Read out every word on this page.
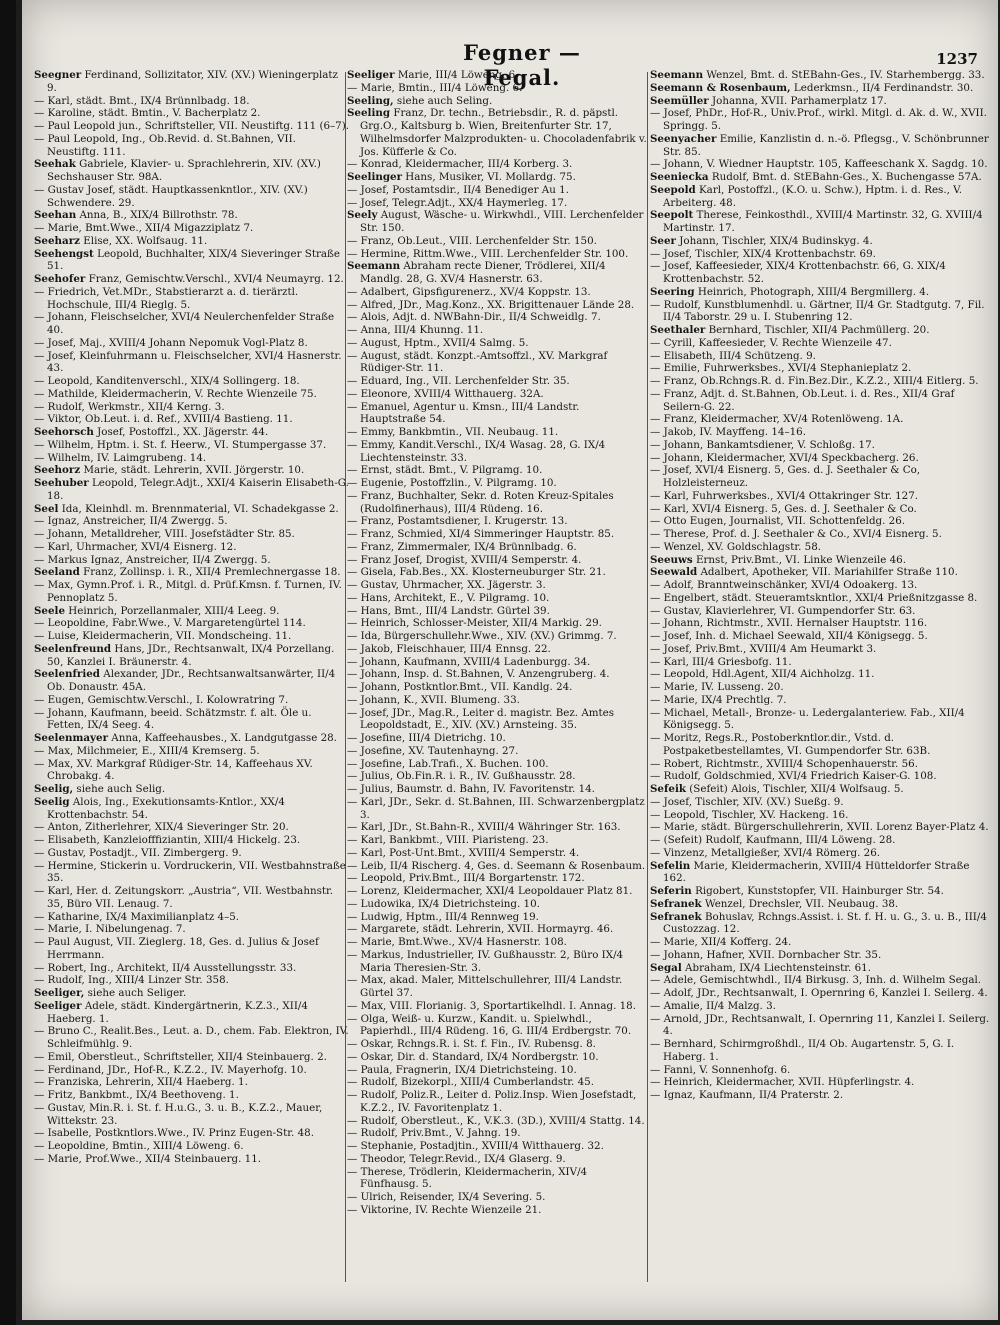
Fegner — Fegal.
1237

Seegner Ferdinand, Sollizitator, XIV. (XV.) Wieningerplatz 9.

— Karl, städt. Bmt., IX/4 Brünnlbadg. 18.

— Karoline, städt. Bmtin., V. Bacherplatz 2.

— Paul Leopold jun., Schriftsteller, VII. Neustiftg. 111 (6–7).

— Paul Leopold, Ing., Ob.Revid. d. St.Bahnen, VII. Neustiftg. 111.

Seehak Gabriele, Klavier- u. Sprachlehrerin, XIV. (XV.) Sechshauser Str. 98A.

— Gustav Josef, städt. Hauptkassenkntlor., XIV. (XV.) Schwendere. 29.

Seehan Anna, B., XIX/4 Billrothstr. 78.

— Marie, Bmt.Wwe., XII/4 Migazziplatz 7.

Seeharz Elise, XX. Wolfsaug. 11.

Seehengst Leopold, Buchhalter, XIX/4 Sieveringer Straße 51.

Seehofer Franz, Gemischtw.Verschl., XVI/4 Neumayrg. 12.

— Friedrich, Vet.MDr., Stabstierarzt a. d. tierärztl. Hochschule, III/4 Rieglg. 5.

— Johann, Fleischselcher, XVI/4 Neulerchenfelder Straße 40.

— Josef, Maj., XVIII/4 Johann Nepomuk Vogl-Platz 8.

— Josef, Kleinfuhrmann u. Fleischselcher, XVI/4 Hasnerstr. 43.

— Leopold, Kanditenverschl., XIX/4 Sollingerg. 18.

— Mathilde, Kleidermacherin, V. Rechte Wienzeile 75.

— Rudolf, Werkmstr., XII/4 Kerng. 3.

— Viktor, Ob.Leut. i. d. Ref., XVIII/4 Bastieng. 11.

Seehorsch Josef, Postoffzl., XX. Jägerstr. 44.

— Wilhelm, Hptm. i. St. f. Heerw., VI. Stumpergasse 37.

— Wilhelm, IV. Laimgrubeng. 14.

Seehorz Marie, städt. Lehrerin, XVII. Jörgerstr. 10.

Seehuber Leopold, Telegr.Adjt., XXI/4 Kaiserin Elisabeth-G. 18.

Seel Ida, Kleinhdl. m. Brennmaterial, VI. Schadekgasse 2.

— Ignaz, Anstreicher, II/4 Zwergg. 5.

— Johann, Metalldreher, VIII. Josefstädter Str. 85.

— Karl, Uhrmacher, XVI/4 Eisnerg. 12.

— Markus Ignaz, Anstreicher, II/4 Zwergg. 5.

Seeland Franz, Zollinsp. i. R., XII/4 Premlechnergasse 18.

— Max, Gymn.Prof. i. R., Mitgl. d. Prüf.Kmsn. f. Turnen, IV. Pennoplatz 5.

Seele Heinrich, Porzellanmaler, XIII/4 Leeg. 9.

— Leopoldine, Fabr.Wwe., V. Margaretengürtel 114.

— Luise, Kleidermacherin, VII. Mondscheing. 11.

Seelenfreund Hans, JDr., Rechtsanwalt, IX/4 Porzellang. 50, Kanzlei I. Bräunerstr. 4.

Seelenfried Alexander, JDr., Rechtsanwaltsanwärter, II/4 Ob. Donaustr. 45A.

— Eugen, Gemischtw.Verschl., I. Kolowratring 7.

— Johann, Kaufmann, beeid. Schätzmstr. f. alt. Öle u. Fetten, IX/4 Seeg. 4.

Seelenmayer Anna, Kaffeehausbes., X. Landgutgasse 28.

— Max, Milchmeier, E., XIII/4 Kremserg. 5.

— Max, XV. Markgraf Rüdiger-Str. 14, Kaffeehaus XV. Chrobakg. 4.

Seelig, siehe auch Selig.

Seelig Alois, Ing., Exekutionsamts-Kntlor., XX/4 Krottenbachstr. 54.

— Anton, Zitherlehrer, XIX/4 Sieveringer Str. 20.

— Elisabeth, Kanzleiofffiziantin, XIII/4 Hickelg. 23.

— Gustav, Postadjt., VII. Zimbergerg. 9.

— Hermine, Stickerin u. Vordruckerin, VII. Westbahnstraße 35.

— Karl, Her. d. Zeitungskorr. „Austria“, VII. Westbahnstr. 35, Büro VII. Lenaug. 7.

— Katharine, IX/4 Maximilianplatz 4–5.

— Marie, I. Nibelungenag. 7.

— Paul August, VII. Zieglerg. 18, Ges. d. Julius & Josef Herrmann.

— Robert, Ing., Architekt, II/4 Ausstellungsstr. 33.

— Rudolf, Ing., XIII/4 Linzer Str. 358.

Seeliger, siehe auch Seliger.

Seeliger Adele, städt. Kindergärtnerin, K.Z.3., XII/4 Haeberg. 1.

— Bruno C., Realit.Bes., Leut. a. D., chem. Fab. Elektron, IV. Schleifmühlg. 9.

— Emil, Oberstleut., Schriftsteller, XII/4 Steinbauerg. 2.

— Ferdinand, JDr., Hof-R., K.Z.2., IV. Mayerhofg. 10.

— Franziska, Lehrerin, XII/4 Haeberg. 1.

— Fritz, Bankbmt., IX/4 Beethoveng. 1.

— Gustav, Min.R. i. St. f. H.u.G., 3. u. B., K.Z.2., Mauer, Wittekstr. 23.

— Isabelle, Postkntlors.Wwe., IV. Prinz Eugen-Str. 48.

— Leopoldine, Bmtin., XIII/4 Löweng. 6.

— Marie, Prof.Wwe., XII/4 Steinbauerg. 11.

Seeliger Marie, III/4 Löweng. 6.

— Marie, Bmtin., III/4 Löweng. 6.

Seeling, siehe auch Seling.

Seeling Franz, Dr. techn., Betriebsdir., R. d. päpstl. Grg.O., Kaltsburg b. Wien, Breitenfurter Str. 17, Wilhelmsdorfer Malzprodukten- u. Chocoladenfabrik v. Jos. Küfferle & Co.

— Konrad, Kleidermacher, III/4 Korberg. 3.

Seelinger Hans, Musiker, VI. Mollardg. 75.

— Josef, Postamtsdir., II/4 Benediger Au 1.

— Josef, Telegr.Adjt., XX/4 Haymerleg. 17.

Seely August, Wäsche- u. Wirkwhdl., VIII. Lerchenfelder Str. 150.

— Franz, Ob.Leut., VIII. Lerchenfelder Str. 150.

— Hermine, Rittm.Wwe., VIII. Lerchenfelder Str. 100.

Seemann Abraham recte Diener, Trödlerei, XII/4 Mandlg. 28, G. XV/4 Hasnerstr. 63.

— Adalbert, Gipsfigurenerz., XV/4 Koppstr. 13.

— Alfred, JDr., Mag.Konz., XX. Brigittenauer Lände 28.

— Alois, Adjt. d. NWBahn-Dir., II/4 Schweidlg. 7.

— Anna, III/4 Khunng. 11.

— August, Hptm., XVII/4 Salmg. 5.

— August, städt. Konzpt.-Amtsoffzl., XV. Markgraf Rüdiger-Str. 11.

— Eduard, Ing., VII. Lerchenfelder Str. 35.

— Eleonore, XVIII/4 Witthauerg. 32A.

— Emanuel, Agentur u. Kmsn., III/4 Landstr. Hauptstraße 54.

— Emmy, Bankbmtin., VII. Neubaug. 11.

— Emmy, Kandit.Verschl., IX/4 Wasag. 28, G. IX/4 Liechtensteinstr. 33.

— Ernst, städt. Bmt., V. Pilgramg. 10.

— Eugenie, Postoffzlin., V. Pilgramg. 10.

— Franz, Buchhalter, Sekr. d. Roten Kreuz-Spitales (Rudolfinerhaus), III/4 Rüdeng. 16.

— Franz, Postamtsdiener, I. Krugerstr. 13.

— Franz, Schmied, XI/4 Simmeringer Hauptstr. 85.

— Franz, Zimmermaler, IX/4 Brünnlbadg. 6.

— Franz Josef, Drogist, XVIII/4 Semperstr. 4.

— Gisela, Fab.Bes., XX. Klosterneuburger Str. 21.

— Gustav, Uhrmacher, XX. Jägerstr. 3.

— Hans, Architekt, E., V. Pilgramg. 10.

— Hans, Bmt., III/4 Landstr. Gürtel 39.

— Heinrich, Schlosser-Meister, XII/4 Markig. 29.

— Ida, Bürgerschullehr.Wwe., XIV. (XV.) Grimmg. 7.

— Jakob, Fleischhauer, III/4 Ennsg. 22.

— Johann, Kaufmann, XVIII/4 Ladenburgg. 34.

— Johann, Insp. d. St.Bahnen, V. Anzengruberg. 4.

— Johann, Postkntlor.Bmt., VII. Kandlg. 24.

— Johann, K., XVII. Blumeng. 33.

— Josef, JDr., Mag.R., Leiter d. magistr. Bez. Amtes Leopoldstadt, E., XIV. (XV.) Arnsteing. 35.

— Josefine, III/4 Dietrichg. 10.

— Josefine, XV. Tautenhayng. 27.

— Josefine, Lab.Trafi., X. Buchen. 100.

— Julius, Ob.Fin.R. i. R., IV. Gußhausstr. 28.

— Julius, Baumstr. d. Bahn, IV. Favoritenstr. 14.

— Karl, JDr., Sekr. d. St.Bahnen, III. Schwarzenbergplatz 3.

— Karl, JDr., St.Bahn-R., XVIII/4 Währinger Str. 163.

— Karl, Bankbmt., VIII. Piaristeng. 23.

— Karl, Post-Unt.Bmt., XVIII/4 Semperstr. 4.

— Leib, II/4 Rischerg. 4, Ges. d. Seemann & Rosenbaum.

— Leopold, Priv.Bmt., III/4 Borgartenstr. 172.

— Lorenz, Kleidermacher, XXI/4 Leopoldauer Platz 81.

— Ludowika, IX/4 Dietrichsteing. 10.

— Ludwig, Hptm., III/4 Rennweg 19.

— Margarete, städt. Lehrerin, XVII. Hormayrg. 46.

— Marie, Bmt.Wwe., XV/4 Hasnerstr. 108.

— Markus, Industrieller, IV. Gußhausstr. 2, Büro IX/4 Maria Theresien-Str. 3.

— Max, akad. Maler, Mittelschullehrer, III/4 Landstr. Gürtel 37.

— Max, VIII. Florianig. 3, Sportartikelhdl. I. Annag. 18.

— Olga, Weiß- u. Kurzw., Kandit. u. Spielwhdl., Papierhdl., III/4 Rüdeng. 16, G. III/4 Erdbergstr. 70.

— Oskar, Rchngs.R. i. St. f. Fin., IV. Rubensg. 8.

— Oskar, Dir. d. Standard, IX/4 Nordbergstr. 10.

— Paula, Fragnerin, IX/4 Dietrichsteing. 10.

— Rudolf, Bizekorpl., XIII/4 Cumberlandstr. 45.

— Rudolf, Poliz.R., Leiter d. Poliz.Insp. Wien Josefstadt, K.Z.2., IV. Favoritenplatz 1.

— Rudolf, Oberstleut., K., V.K.3. (3D.), XVIII/4 Stattg. 14.

— Rudolf, Priv.Bmt., V. Jahng. 19.

— Stephanie, Postadjtin., XVIII/4 Witthauerg. 32.

— Theodor, Telegr.Revid., IX/4 Glaserg. 9.

— Therese, Trödlerin, Kleidermacherin, XIV/4 Fünfhausg. 5.

— Ulrich, Reisender, IX/4 Severing. 5.

— Viktorine, IV. Rechte Wienzeile 21.

Seemann Wenzel, Bmt. d. StEBahn-Ges., IV. Starhembergg. 33.

Seemann & Rosenbaum, Lederkmsn., II/4 Ferdinandstr. 30.

Seemüller Johanna, XVII. Parhamerplatz 17.

— Josef, PhDr., Hof-R., Univ.Prof., wirkl. Mitgl. d. Ak. d. W., XVII. Springg. 5.

Seenyacher Emilie, Kanzlistin d. n.-ö. Pflegsg., V. Schönbrunner Str. 85.

— Johann, V. Wiedner Hauptstr. 105, Kaffeeschank X. Sagdg. 10.

Seeniecka Rudolf, Bmt. d. StEBahn-Ges., X. Buchengasse 57A.

Seepold Karl, Postoffzl., (K.O. u. Schw.), Hptm. i. d. Res., V. Arbeiterg. 48.

Seepolt Therese, Feinkosthdl., XVIII/4 Martinstr. 32, G. XVIII/4 Martinstr. 17.

Seer Johann, Tischler, XIX/4 Budinskyg. 4.

— Josef, Tischler, XIX/4 Krottenbachstr. 69.

— Josef, Kaffeesieder, XIX/4 Krottenbachstr. 66, G. XIX/4 Krottenbachstr. 52.

Seering Heinrich, Photograph, XIII/4 Bergmillerg. 4.

— Rudolf, Kunstblumenhdl. u. Gärtner, II/4 Gr. Stadtgutg. 7, Fil. II/4 Taborstr. 29 u. I. Stubenring 12.

Seethaler Bernhard, Tischler, XII/4 Pachmüllerg. 20.

— Cyrill, Kaffeesieder, V. Rechte Wienzeile 47.

— Elisabeth, III/4 Schützeng. 9.

— Emilie, Fuhrwerksbes., XVI/4 Stephanieplatz 2.

— Franz, Ob.Rchngs.R. d. Fin.Bez.Dir., K.Z.2., XIII/4 Eitlerg. 5.

— Franz, Adjt. d. St.Bahnen, Ob.Leut. i. d. Res., XII/4 Graf Seilern-G. 22.

— Franz, Kleidermacher, XV/4 Rotenlöweng. 1A.

— Jakob, IV. Mayffeng. 14–16.

— Johann, Bankamtsdiener, V. Schloßg. 17.

— Johann, Kleidermacher, XVI/4 Speckbacherg. 26.

— Josef, XVI/4 Eisnerg. 5, Ges. d. J. Seethaler & Co, Holzleisterneuz.

— Karl, Fuhrwerksbes., XVI/4 Ottakringer Str. 127.

— Karl, XVI/4 Eisnerg. 5, Ges. d. J. Seethaler & Co.

— Otto Eugen, Journalist, VII. Schottenfeldg. 26.

— Therese, Prof. d. J. Seethaler & Co., XVI/4 Eisnerg. 5.

— Wenzel, XV. Goldschlagstr. 58.

Seeuws Ernst, Priv.Bmt., VI. Linke Wienzeile 46.

Seewald Adalbert, Apotheker, VII. Mariahilfer Straße 110.

— Adolf, Branntweinschänker, XVI/4 Odoakerg. 13.

— Engelbert, städt. Steueramtskntlor., XXI/4 Prießnitzgasse 8.

— Gustav, Klavierlehrer, VI. Gumpendorfer Str. 63.

— Johann, Richtmstr., XVII. Hernalser Hauptstr. 116.

— Josef, Inh. d. Michael Seewald, XII/4 Königsegg. 5.

— Josef, Priv.Bmt., XVIII/4 Am Heumarkt 3.

— Karl, III/4 Griesbofg. 11.

— Leopold, Hdl.Agent, XII/4 Aichholzg. 11.

— Marie, IV. Lusseng. 20.

— Marie, IX/4 Prechtlg. 7.

— Michael, Metall-, Bronze- u. Ledergalanteriew. Fab., XII/4 Königsegg. 5.

— Moritz, Regs.R., Postoberkntlor.dir., Vstd. d. Postpaketbestellamtes, VI. Gumpendorfer Str. 63B.

— Robert, Richtmstr., XVIII/4 Schopenhauerstr. 56.

— Rudolf, Goldschmied, XVI/4 Friedrich Kaiser-G. 108.

Sefeik (Sefeit) Alois, Tischler, XII/4 Wolfsaug. 5.

— Josef, Tischler, XIV. (XV.) Sueßg. 9.

— Leopold, Tischler, XV. Hackeng. 16.

— Marie, städt. Bürgerschullehrerin, XVII. Lorenz Bayer-Platz 4.

— (Sefeit) Rudolf, Kaufmann, III/4 Löweng. 28.

— Vinzenz, Metallgießer, XVI/4 Römerg. 26.

Sefelin Marie, Kleidermacherin, XVIII/4 Hütteldorfer Straße 162.

Seferin Rigobert, Kunststopfer, VII. Hainburger Str. 54.

Sefranek Wenzel, Drechsler, VII. Neubaug. 38.

Sefranek Bohuslav, Rchngs.Assist. i. St. f. H. u. G., 3. u. B., III/4 Custozzag. 12.

— Marie, XII/4 Kofferg. 24.

— Johann, Hafner, XVII. Dornbacher Str. 35.

Segal Abraham, IX/4 Liechtensteinstr. 61.

— Adele, Gemischtwhdl., II/4 Birkusg. 3, Inh. d. Wilhelm Segal.

— Adolf, JDr., Rechtsanwalt, I. Opernring 6, Kanzlei I. Seilerg. 4.

— Amalie, II/4 Malzg. 3.

— Arnold, JDr., Rechtsanwalt, I. Opernring 11, Kanzlei I. Seilerg. 4.

— Bernhard, Schirmgroßhdl., II/4 Ob. Augartenstr. 5, G. I. Haberg. 1.

— Fanni, V. Sonnenhofg. 6.

— Heinrich, Kleidermacher, XVII. Hüpferlingstr. 4.

— Ignaz, Kaufmann, II/4 Praterstr. 2.
